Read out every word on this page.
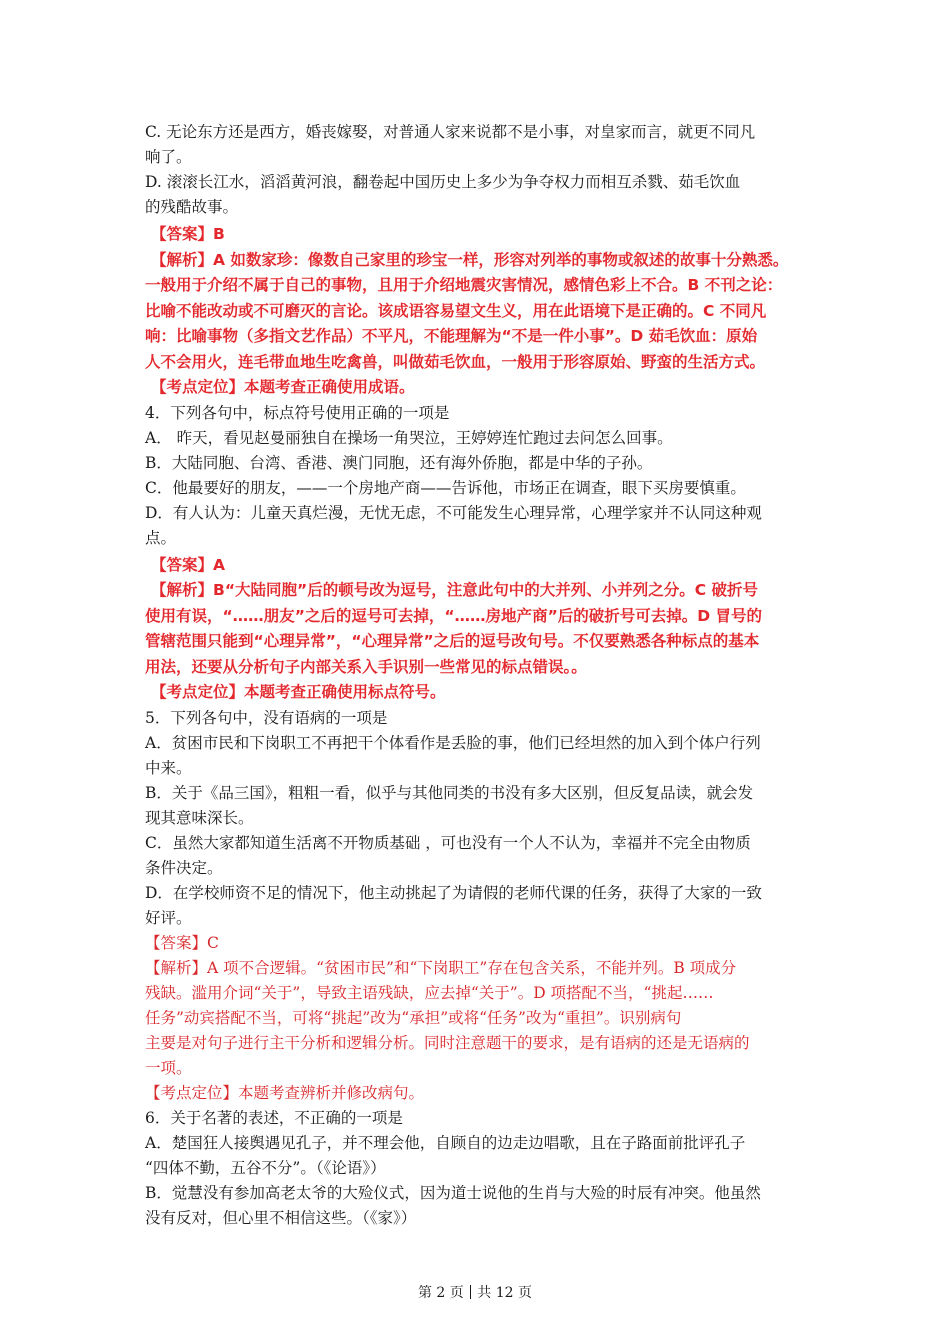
C. 无论东方还是西方，婚丧嫁娶，对普通人家来说都不是小事，对皇家而言，就更不同凡
响了。
D. 滚滚长江水，滔滔黄河浪，翻卷起中国历史上多少为争夺权力而相互杀戮、茹毛饮血
的残酷故事。
【答案】B
【解析】A 如数家珍：像数自己家里的珍宝一样，形容对列举的事物或叙述的故事十分熟悉。
一般用于介绍不属于自己的事物，且用于介绍地震灾害情况，感情色彩上不合。B 不刊之论：
比喻不能改动或不可磨灭的言论。该成语容易望文生义，用在此语境下是正确的。C 不同凡
响：比喻事物（多指文艺作品）不平凡，不能理解为“不是一件小事”。D 茹毛饮血：原始
人不会用火，连毛带血地生吃禽兽，叫做茹毛饮血，一般用于形容原始、野蛮的生活方式。
【考点定位】本题考查正确使用成语。
4．下列各句中，标点符号使用正确的一项是
A． 昨天，看见赵曼丽独自在操场一角哭泣，王婷婷连忙跑过去问怎么回事。
B．大陆同胞、台湾、香港、澳门同胞，还有海外侨胞，都是中华的子孙。
C．他最要好的朋友，——一个房地产商——告诉他，市场正在调查，眼下买房要慎重。
D．有人认为：儿童天真烂漫，无忧无虑，不可能发生心理异常，心理学家并不认同这种观
点。
【答案】A
【解析】B“大陆同胞”后的顿号改为逗号，注意此句中的大并列、小并列之分。C 破折号
使用有误，“……朋友”之后的逗号可去掉，“……房地产商”后的破折号可去掉。D 冒号的
管辖范围只能到“心理异常”，“心理异常”之后的逗号改句号。不仅要熟悉各种标点的基本
用法，还要从分析句子内部关系入手识别一些常见的标点错误。。
【考点定位】本题考查正确使用标点符号。
5．下列各句中，没有语病的一项是
A．贫困市民和下岗职工不再把干个体看作是丢脸的事，他们已经坦然的加入到个体户行列
中来。
B．关于《品三国》，粗粗一看，似乎与其他同类的书没有多大区别，但反复品读，就会发
现其意味深长。
C．虽然大家都知道生活离不开物质基础 ，可也没有一个人不认为，幸福并不完全由物质
条件决定。
D．在学校师资不足的情况下，他主动挑起了为请假的老师代课的任务，获得了大家的一致
好评。
【答案】C
【解析】A 项不合逻辑。“贫困市民”和“下岗职工”存在包含关系，不能并列。B 项成分
残缺。滥用介词“关于”，导致主语残缺，应去掉“关于”。D 项搭配不当，“挑起……
任务”动宾搭配不当，可将“挑起”改为“承担”或将“任务”改为“重担”。识别病句
主要是对句子进行主干分析和逻辑分析。同时注意题干的要求，是有语病的还是无语病的
一项。
【考点定位】本题考查辨析并修改病句。
6．关于名著的表述，不正确的一项是
A．楚国狂人接舆遇见孔子，并不理会他，自顾自的边走边唱歌，且在子路面前批评孔子
“四体不勤，五谷不分”。（《论语》）
B．觉慧没有参加高老太爷的大殓仪式，因为道士说他的生肖与大殓的时辰有冲突。他虽然
没有反对，但心里不相信这些。（《家》）
第 2 页 共 12 页
